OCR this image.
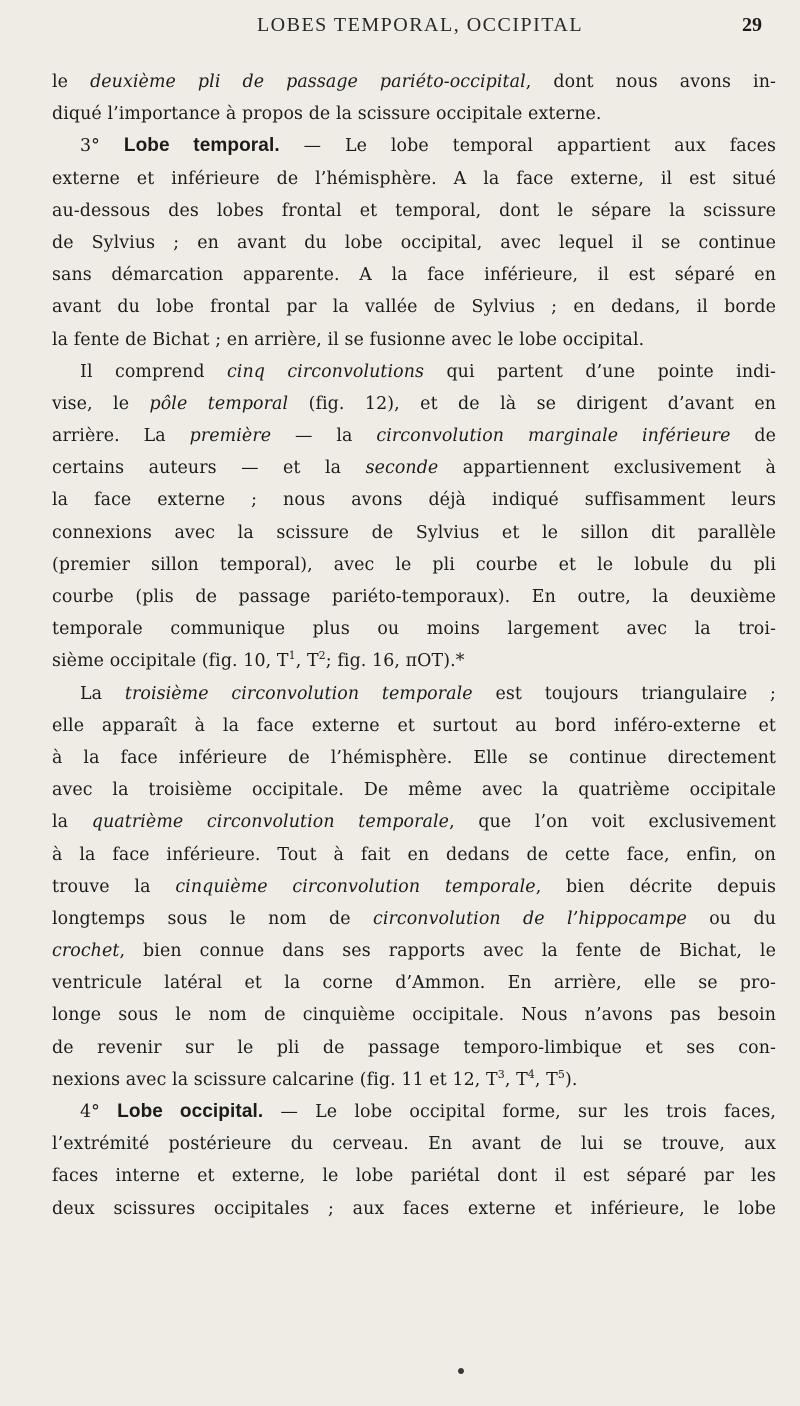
LOBES TEMPORAL, OCCIPITAL	29
le deuxième pli de passage pariéto-occipital, dont nous avons in-
diqué l’importance à propos de la scissure occipitale externe.
3° Lobe temporal. — Le lobe temporal appartient aux faces
externe et inférieure de l’hémisphère. A la face externe, il est situé
au-dessous des lobes frontal et temporal, dont le sépare la scissure
de Sylvius ; en avant du lobe occipital, avec lequel il se continue
sans démarcation apparente. A la face inférieure, il est séparé en
avant du lobe frontal par la vallée de Sylvius ; en dedans, il borde
la fente de Bichat ; en arrière, il se fusionne avec le lobe occipital.
Il comprend cinq circonvolutions qui partent d’une pointe indi-
vise, le pôle temporal (fig. 12), et de là se dirigent d’avant en
arrière. La première — la circonvolution marginale inférieure de
certains auteurs — et la seconde appartiennent exclusivement à
la face externe ; nous avons déjà indiqué suffisamment leurs
connexions avec la scissure de Sylvius et le sillon dit parallèle
(premier sillon temporal), avec le pli courbe et le lobule du pli
courbe (plis de passage pariéto-temporaux). En outre, la deuxième
temporale communique plus ou moins largement avec la troi-
sième occipitale (fig. 10, $T^1$, $T^2$; fig. 16, πOT).*
La troisième circonvolution temporale est toujours triangulaire ;
elle apparaît à la face externe et surtout au bord inféro-externe et
à la face inférieure de l’hémisphère. Elle se continue directement
avec la troisième occipitale. De même avec la quatrième occipitale
la quatrième circonvolution temporale, que l’on voit exclusivement
à la face inférieure. Tout à fait en dedans de cette face, enfin, on
trouve la cinquième circonvolution temporale, bien décrite depuis
longtemps sous le nom de circonvolution de l’hippocampe ou du
crochet, bien connue dans ses rapports avec la fente de Bichat, le
ventricule latéral et la corne d’Ammon. En arrière, elle se pro-
longe sous le nom de cinquième occipitale. Nous n’avons pas besoin
de revenir sur le pli de passage temporo-limbique et ses con-
nexions avec la scissure calcarine (fig. 11 et 12, $T^3$, $T^4$, $T^5$).
4° Lobe occipital. — Le lobe occipital forme, sur les trois faces,
l’extrémité postérieure du cerveau. En avant de lui se trouve, aux
faces interne et externe, le lobe pariétal dont il est séparé par les
deux scissures occipitales ; aux faces externe et inférieure, le lobe
